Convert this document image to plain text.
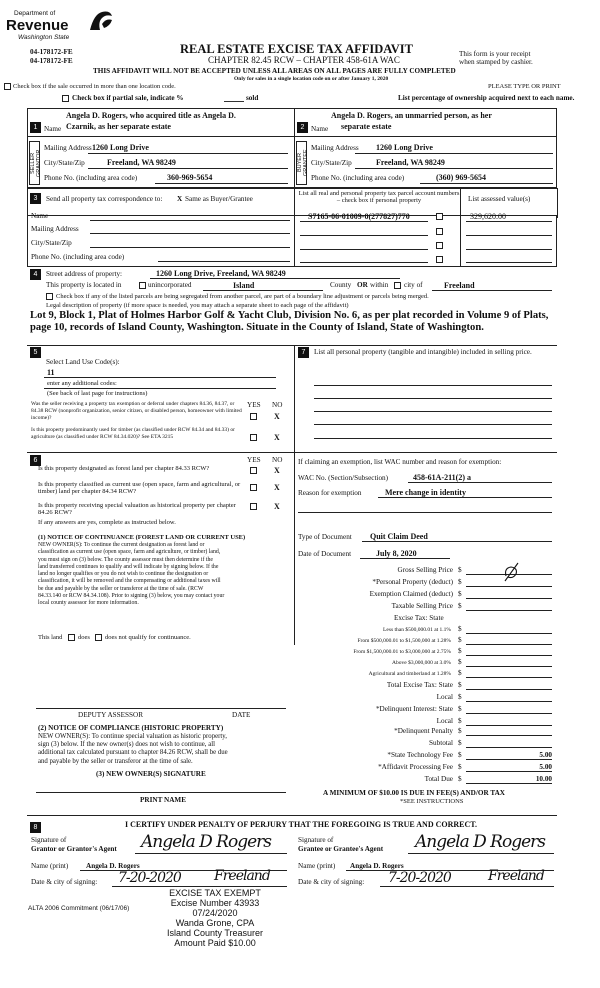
Department of
Revenue
Washington State
04-178172-FE
04-178172-FE
REAL ESTATE EXCISE TAX AFFIDAVIT
CHAPTER 82.45 RCW – CHAPTER 458-61A WAC
THIS AFFIDAVIT WILL NOT BE ACCEPTED UNLESS ALL AREAS ON ALL PAGES ARE FULLY COMPLETED
Only for sales in a single location code on or after January 1, 2020
This form is your receipt
when stamped by cashier.
Check box if the sale occurred in more than one location code.	PLEASE TYPE OR PRINT
Check box if partial sale, indicate %	sold	List percentage of ownership acquired next to each name.
1
Angela D. Rogers, who acquired title as Angela D.
Name Czarnik, as her separate estate
SELLER GRANTOR
Mailing Address 1260 Long Drive
City/State/Zip	Freeland, WA 98249
Phone No. (including area code)	360-969-5654
2
Angela D. Rogers, an unmarried person, as her
Name separate estate
BUYER GRANTEE
Mailing Address 1260 Long Drive
City/State/Zip	Freeland, WA 98249
Phone No. (including area code)	(360) 969-5654
3	Send all property tax correspondence to: X Same as Buyer/Grantee
List all real and personal property tax parcel account numbers – check box if personal property	List assessed value(s)
Name
Mailing Address
City/State/Zip
Phone No. (including area code)
S7165-06-01009-0(277827)770	329,620.00
4	Street address of property:	1260 Long Drive, Freeland, WA 98249
This property is located in	unincorporated	Island	County OR within city of	Freeland
Check box if any of the listed parcels are being segregated from another parcel, are part of a boundary line adjustment or parcels being merged.
Legal description of property (if more space is needed, you may attach a separate sheet to each page of the affidavit)
Lot 9, Block 1, Plat of Holmes Harbor Golf & Yacht Club, Division No. 6, as per plat recorded in Volume 9 of Plats, page 10, records of Island County, Washington. Situate in the County of Island, State of Washington.
5
Select Land Use Code(s):
11
enter any additional codes:
(See back of last page for instructions)
YES NO
Was the seller receiving a property tax exemption or deferral under chapters 84.36, 84.37, or 84.38 RCW (nonprofit organization, senior citizen, or disabled person, homeowner with limited income)?	X
Is this property predominantly used for timber (as classified under RCW 84.34 and 84.33) or agriculture (as classified under RCW 84.34.020)? See ETA 3215	X
7	List all personal property (tangible and intangible) included in selling price.
6	YES NO
Is this property designated as forest land per chapter 84.33 RCW?	X
Is this property classified as current use (open space, farm and agricultural, or timber) land per chapter 84.34 RCW?	X
Is this property receiving special valuation as historical property per chapter 84.26 RCW?
X
If any answers are yes, complete as instructed below.
(1) NOTICE OF CONTINUANCE (FOREST LAND OR CURRENT USE)
NEW OWNER(S): To continue the current designation as forest land or
classification as current use (open space, farm and agriculture, or timber) land,
you must sign on (3) below. The county assessor must then determine if the
land transferred continues to qualify and will indicate by signing below. If the
land no longer qualifies or you do not wish to continue the designation or
classification, it will be removed and the compensating or additional taxes will
be due and payable by the seller or transferor at the time of sale. (RCW
84.33.140 or RCW 84.34.108). Prior to signing (3) below, you may contact your
local county assessor for more information.
This land does does not qualify for continuance.
DEPUTY ASSESSOR	DATE
(2) NOTICE OF COMPLIANCE (HISTORIC PROPERTY)
NEW OWNER(S): To continue special valuation as historic property,
sign (3) below. If the new owner(s) does not wish to continue, all
additional tax calculated pursuant to chapter 84.26 RCW, shall be due
and payable by the seller or transferor at the time of sale.
(3) NEW OWNER(S) SIGNATURE
PRINT NAME
If claiming an exemption, list WAC number and reason for exemption:
WAC No. (Section/Subsection)	458-61A-211(2) a
Reason for exemption	Mere change in identity
Type of Document Quit Claim Deed
Date of Document	July 8, 2020
Gross Selling Price $
*Personal Property (deduct) $
Exemption Claimed (deduct) $
Taxable Selling Price $
Excise Tax: State
Less than $500,000.01 at 1.1% $
From $500,000.01 to $1,500,000 at 1.28% $
From $1,500,000.01 to $3,000,000 at 2.75% $
Above $3,000,000 at 3.0% $
Agricultural and timberland at 1.28% $
Total Excise Tax: State $
Local $
*Delinquent Interest: State $
Local $
*Delinquent Penalty $
Subtotal $
*State Technology Fee $	5.00
*Affidavit Processing Fee $	5.00
Total Due $	10.00
A MINIMUM OF $10.00 IS DUE IN FEE(S) AND/OR TAX
*SEE INSTRUCTIONS
8	I CERTIFY UNDER PENALTY OF PERJURY THAT THE FOREGOING IS TRUE AND CORRECT.
Signature of
Grantor or Grantor's Agent Angela D Rogers	Signature of
Grantee or Grantee's Agent Angela D Rogers
Name (print) Angela D. Rogers	Name (print) Angela D. Rogers
Date & city of signing: 7-20-2020 Freeland	Date & city of signing: 7-20-2020	Freeland
ALTA 2006 Commitment (06/17/06)
EXCISE TAX EXEMPT
Excise Number 43933
07/24/2020
Wanda Grone, CPA
Island County Treasurer
Amount Paid $10.00
